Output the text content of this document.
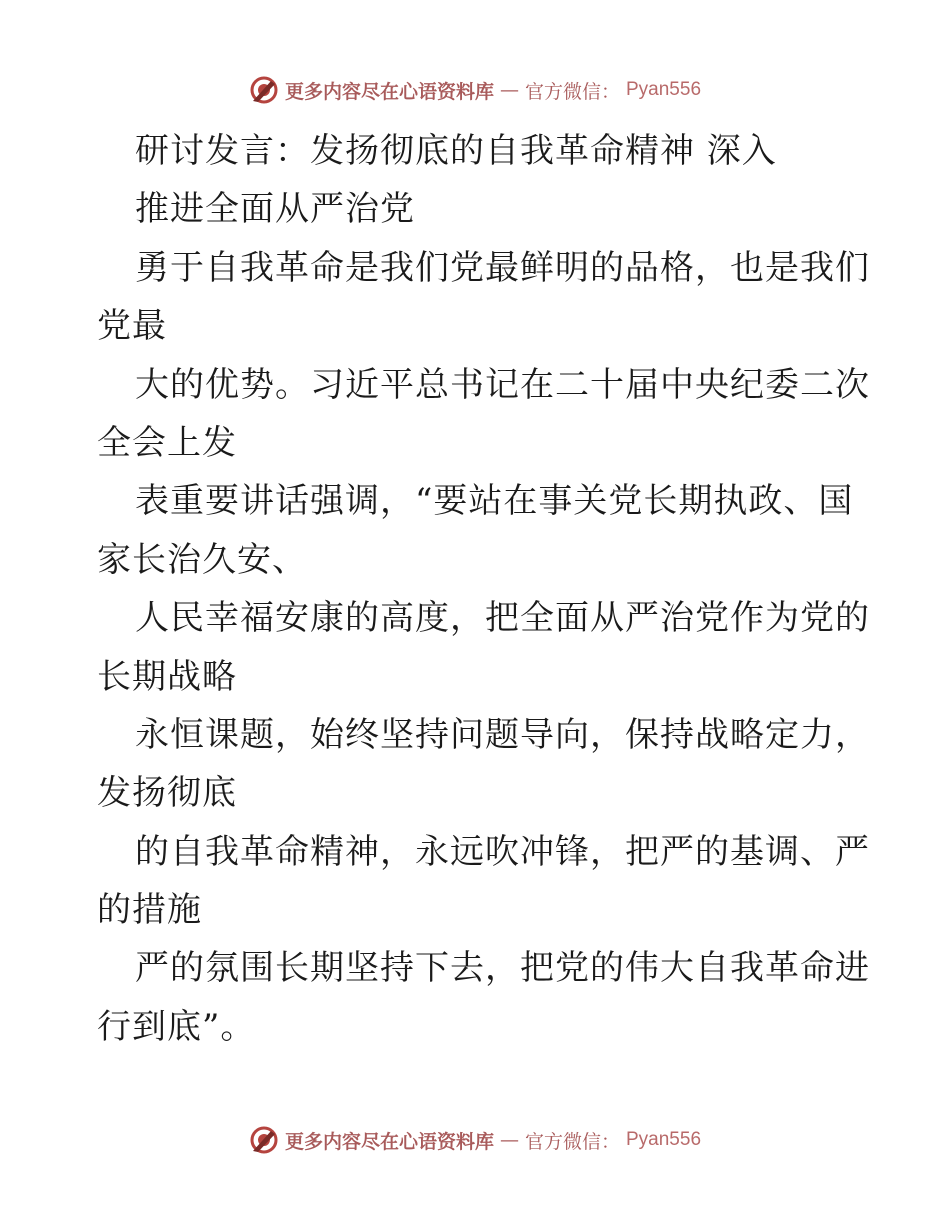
更多内容尽在心语资料库 — 官方微信： Pyan556
研讨发言：发扬彻底的自我革命精神 深入
推进全面从严治党
勇于自我革命是我们党最鲜明的品格，也是我们
党最
大的优势。习近平总书记在二十届中央纪委二次
全会上发
表重要讲话强调，“要站在事关党长期执政、国
家长治久安、
人民幸福安康的高度，把全面从严治党作为党的
长期战略
永恒课题，始终坚持问题导向，保持战略定力，
发扬彻底
的自我革命精神，永远吹冲锋，把严的基调、严
的措施
严的氛围长期坚持下去，把党的伟大自我革命进
行到底”。
更多内容尽在心语资料库 — 官方微信： Pyan556
